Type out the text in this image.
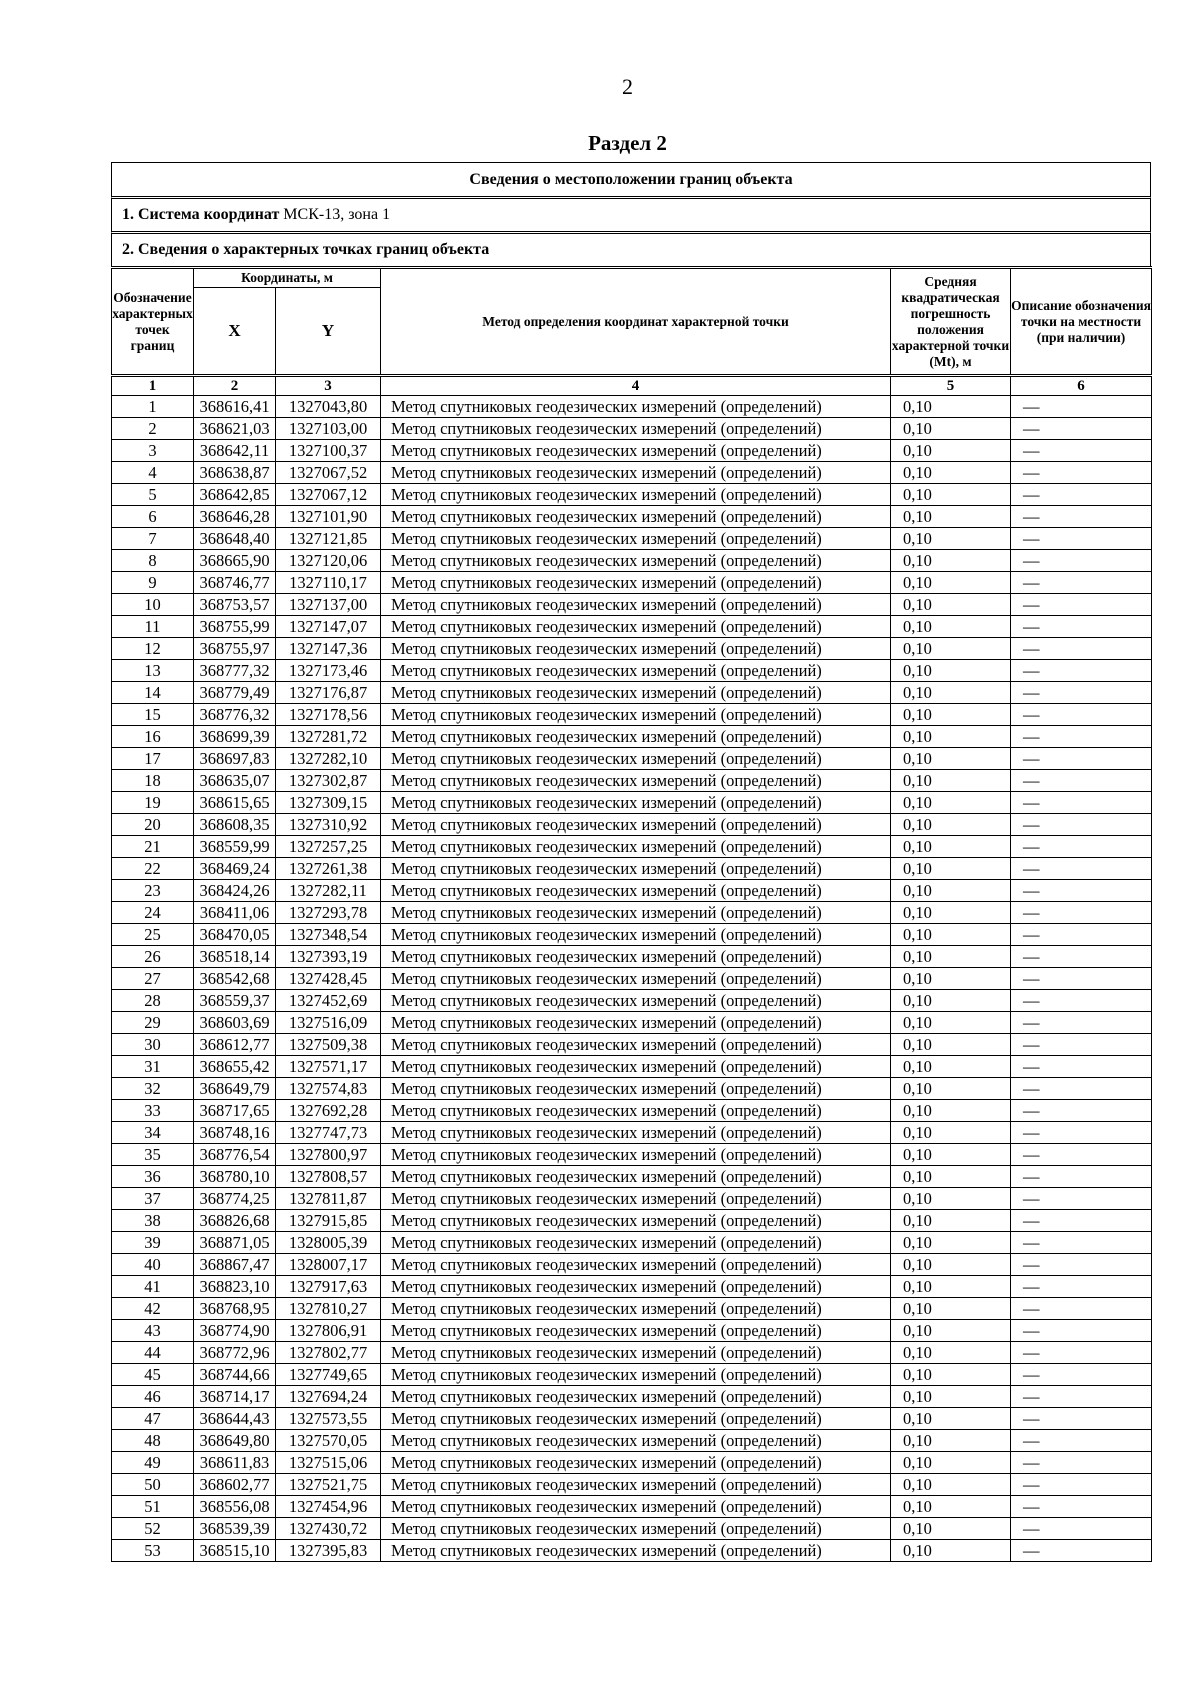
2
Раздел 2
Сведения о местоположении границ объекта
1. Система координат МСК-13, зона 1
2. Сведения о характерных точках границ объекта
Обозначение характерных точек границ	Координаты, м		Метод определения координат характерной точки	Средняя квадратическая погрешность положения характерной точки (Mt), м	Описание обозначения точки на местности (при наличии)
	X	Y			
1	2	3	4	5	6
1	368616,41	1327043,80	Метод спутниковых геодезических измерений (определений)	0,10	—
2	368621,03	1327103,00	Метод спутниковых геодезических измерений (определений)	0,10	—
3	368642,11	1327100,37	Метод спутниковых геодезических измерений (определений)	0,10	—
4	368638,87	1327067,52	Метод спутниковых геодезических измерений (определений)	0,10	—
5	368642,85	1327067,12	Метод спутниковых геодезических измерений (определений)	0,10	—
6	368646,28	1327101,90	Метод спутниковых геодезических измерений (определений)	0,10	—
7	368648,40	1327121,85	Метод спутниковых геодезических измерений (определений)	0,10	—
8	368665,90	1327120,06	Метод спутниковых геодезических измерений (определений)	0,10	—
9	368746,77	1327110,17	Метод спутниковых геодезических измерений (определений)	0,10	—
10	368753,57	1327137,00	Метод спутниковых геодезических измерений (определений)	0,10	—
11	368755,99	1327147,07	Метод спутниковых геодезических измерений (определений)	0,10	—
12	368755,97	1327147,36	Метод спутниковых геодезических измерений (определений)	0,10	—
13	368777,32	1327173,46	Метод спутниковых геодезических измерений (определений)	0,10	—
14	368779,49	1327176,87	Метод спутниковых геодезических измерений (определений)	0,10	—
15	368776,32	1327178,56	Метод спутниковых геодезических измерений (определений)	0,10	—
16	368699,39	1327281,72	Метод спутниковых геодезических измерений (определений)	0,10	—
17	368697,83	1327282,10	Метод спутниковых геодезических измерений (определений)	0,10	—
18	368635,07	1327302,87	Метод спутниковых геодезических измерений (определений)	0,10	—
19	368615,65	1327309,15	Метод спутниковых геодезических измерений (определений)	0,10	—
20	368608,35	1327310,92	Метод спутниковых геодезических измерений (определений)	0,10	—
21	368559,99	1327257,25	Метод спутниковых геодезических измерений (определений)	0,10	—
22	368469,24	1327261,38	Метод спутниковых геодезических измерений (определений)	0,10	—
23	368424,26	1327282,11	Метод спутниковых геодезических измерений (определений)	0,10	—
24	368411,06	1327293,78	Метод спутниковых геодезических измерений (определений)	0,10	—
25	368470,05	1327348,54	Метод спутниковых геодезических измерений (определений)	0,10	—
26	368518,14	1327393,19	Метод спутниковых геодезических измерений (определений)	0,10	—
27	368542,68	1327428,45	Метод спутниковых геодезических измерений (определений)	0,10	—
28	368559,37	1327452,69	Метод спутниковых геодезических измерений (определений)	0,10	—
29	368603,69	1327516,09	Метод спутниковых геодезических измерений (определений)	0,10	—
30	368612,77	1327509,38	Метод спутниковых геодезических измерений (определений)	0,10	—
31	368655,42	1327571,17	Метод спутниковых геодезических измерений (определений)	0,10	—
32	368649,79	1327574,83	Метод спутниковых геодезических измерений (определений)	0,10	—
33	368717,65	1327692,28	Метод спутниковых геодезических измерений (определений)	0,10	—
34	368748,16	1327747,73	Метод спутниковых геодезических измерений (определений)	0,10	—
35	368776,54	1327800,97	Метод спутниковых геодезических измерений (определений)	0,10	—
36	368780,10	1327808,57	Метод спутниковых геодезических измерений (определений)	0,10	—
37	368774,25	1327811,87	Метод спутниковых геодезических измерений (определений)	0,10	—
38	368826,68	1327915,85	Метод спутниковых геодезических измерений (определений)	0,10	—
39	368871,05	1328005,39	Метод спутниковых геодезических измерений (определений)	0,10	—
40	368867,47	1328007,17	Метод спутниковых геодезических измерений (определений)	0,10	—
41	368823,10	1327917,63	Метод спутниковых геодезических измерений (определений)	0,10	—
42	368768,95	1327810,27	Метод спутниковых геодезических измерений (определений)	0,10	—
43	368774,90	1327806,91	Метод спутниковых геодезических измерений (определений)	0,10	—
44	368772,96	1327802,77	Метод спутниковых геодезических измерений (определений)	0,10	—
45	368744,66	1327749,65	Метод спутниковых геодезических измерений (определений)	0,10	—
46	368714,17	1327694,24	Метод спутниковых геодезических измерений (определений)	0,10	—
47	368644,43	1327573,55	Метод спутниковых геодезических измерений (определений)	0,10	—
48	368649,80	1327570,05	Метод спутниковых геодезических измерений (определений)	0,10	—
49	368611,83	1327515,06	Метод спутниковых геодезических измерений (определений)	0,10	—
50	368602,77	1327521,75	Метод спутниковых геодезических измерений (определений)	0,10	—
51	368556,08	1327454,96	Метод спутниковых геодезических измерений (определений)	0,10	—
52	368539,39	1327430,72	Метод спутниковых геодезических измерений (определений)	0,10	—
53	368515,10	1327395,83	Метод спутниковых геодезических измерений (определений)	0,10	—
